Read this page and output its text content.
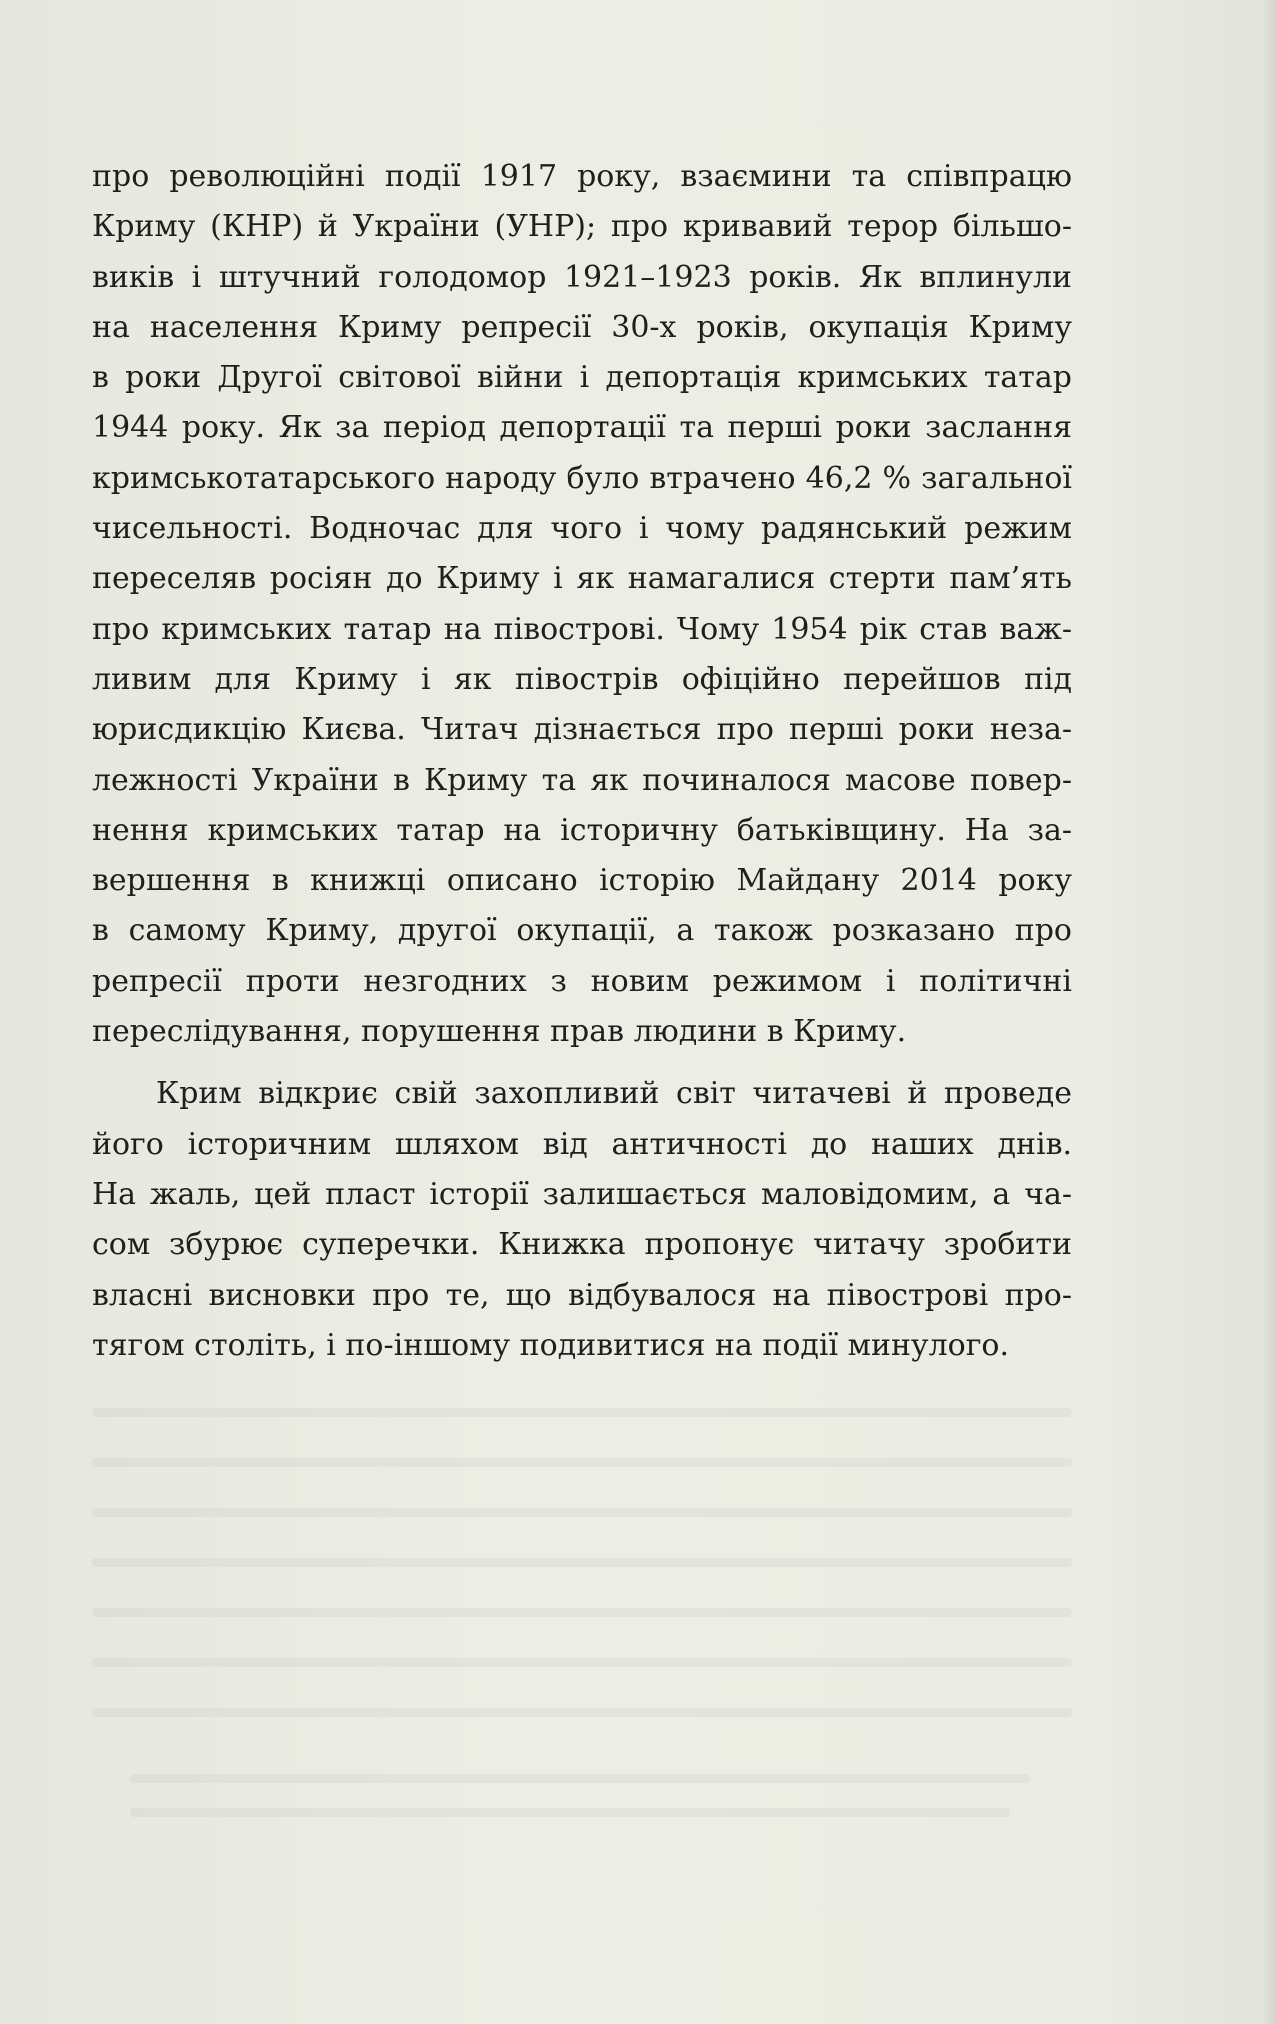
про революційні події 1917 року, взаємини та співпрацю
Криму (КНР) й України (УНР); про кривавий терор більшо-
виків і штучний голодомор 1921–1923 років. Як вплинули
на населення Криму репресії 30-х років, окупація Криму
в роки Другої світової війни і депортація кримських татар
1944 року. Як за період депортації та перші роки заслання
кримськотатарського народу було втрачено 46,2 % загальної
чисельності. Водночас для чого і чому радянський режим
переселяв росіян до Криму і як намагалися стерти пам’ять
про кримських татар на півострові. Чому 1954 рік став важ-
ливим для Криму і як півострів офіційно перейшов під
юрисдикцію Києва. Читач дізнається про перші роки неза-
лежності України в Криму та як починалося масове повер-
нення кримських татар на історичну батьківщину. На за-
вершення в книжці описано історію Майдану 2014 року
в самому Криму, другої окупації, а також розказано про
репресії проти незгодних з новим режимом і політичні
переслідування, порушення прав людини в Криму.
Крим відкриє свій захопливий світ читачеві й проведе
його історичним шляхом від античності до наших днів.
На жаль, цей пласт історії залишається маловідомим, а ча-
сом збурює суперечки. Книжка пропонує читачу зробити
власні висновки про те, що відбувалося на півострові про-
тягом століть, і по-іншому подивитися на події минулого.
